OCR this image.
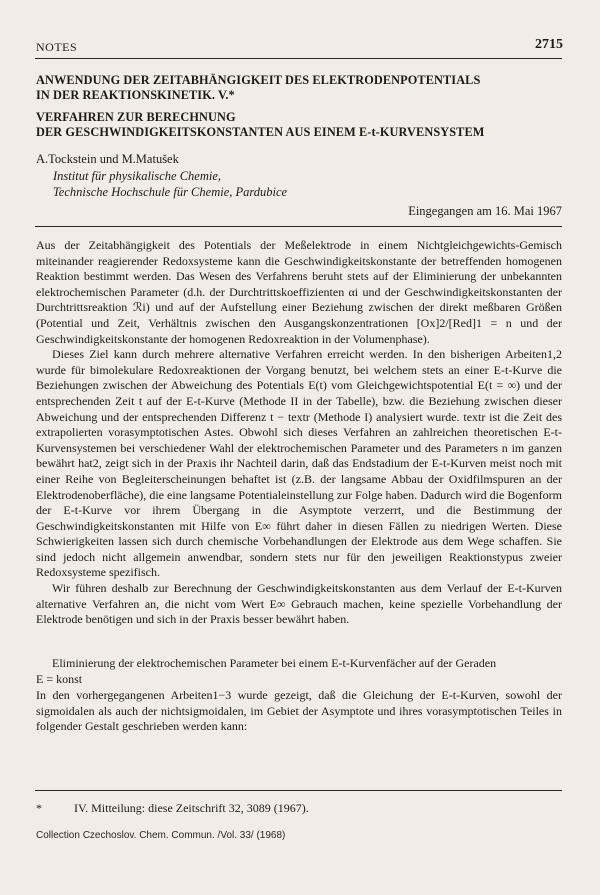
NOTES	2715
ANWENDUNG DER ZEITABHÄNGIGKEIT DES ELEKTRODENPOTENTIALS
IN DER REAKTIONSKINETIK. V.*
VERFAHREN ZUR BERECHNUNG
DER GESCHWINDIGKEITSKONSTANTEN AUS EINEM E-t-KURVENSYSTEM
A.Tockstein und M.Matušek
Institut für physikalische Chemie,
Technische Hochschule für Chemie, Pardubice
Eingegangen am 16. Mai 1967

Aus der Zeitabhängigkeit des Potentials der Meßelektrode in einem Nichtgleichgewichts-Gemisch miteinander reagierender Redoxsysteme kann die Geschwindigkeitskonstante der betreffenden homogenen Reaktion bestimmt werden. Das Wesen des Verfahrens beruht stets auf der Eliminierung der unbekannten elektrochemischen Parameter (d.h. der Durchtrittskoeffizienten αi und der Geschwindigkeitskonstanten der Durchtrittsreaktion ℛi) und auf der Aufstellung einer Beziehung zwischen der direkt meßbaren Größen (Potential und Zeit, Verhältnis zwischen den Ausgangskonzentrationen [Ox]2/[Red]1 = n und der Geschwindigkeitskonstante der homogenen Redoxreaktion in der Volumenphase).

Dieses Ziel kann durch mehrere alternative Verfahren erreicht werden. In den bisherigen Arbeiten1,2 wurde für bimolekulare Redoxreaktionen der Vorgang benutzt, bei welchem stets an einer E-t-Kurve die Beziehungen zwischen der Abweichung des Potentials E(t) vom Gleichgewichtspotential E(t = ∞) und der entsprechenden Zeit t auf der E-t-Kurve (Methode II in der Tabelle), bzw. die Beziehung zwischen dieser Abweichung und der entsprechenden Differenz t − textr (Methode I) analysiert wurde. textr ist die Zeit des extrapolierten vorasymptotischen Astes. Obwohl sich dieses Verfahren an zahlreichen theoretischen E-t-Kurvensystemen bei verschiedener Wahl der elektrochemischen Parameter und des Parameters n im ganzen bewährt hat2, zeigt sich in der Praxis ihr Nachteil darin, daß das Endstadium der E-t-Kurven meist noch mit einer Reihe von Begleiterscheinungen behaftet ist (z.B. der langsame Abbau der Oxidfilmspuren an der Elektrodenoberfläche), die eine langsame Potentialeinstellung zur Folge haben. Dadurch wird die Bogenform der E-t-Kurve vor ihrem Übergang in die Asymptote verzerrt, und die Bestimmung der Geschwindigkeitskonstanten mit Hilfe von E∞ führt daher in diesen Fällen zu niedrigen Werten. Diese Schwierigkeiten lassen sich durch chemische Vorbehandlungen der Elektrode aus dem Wege schaffen. Sie sind jedoch nicht allgemein anwendbar, sondern stets nur für den jeweiligen Reaktionstypus zweier Redoxsysteme spezifisch.

Wir führen deshalb zur Berechnung der Geschwindigkeitskonstanten aus dem Verlauf der E-t-Kurven alternative Verfahren an, die nicht vom Wert E∞ Gebrauch machen, keine spezielle Vorbehandlung der Elektrode benötigen und sich in der Praxis besser bewährt haben.

Eliminierung der elektrochemischen Parameter bei einem E-t-Kurvenfächer auf der Geraden
E = konst

In den vorhergegangenen Arbeiten1−3 wurde gezeigt, daß die Gleichung der E-t-Kurven, sowohl der sigmoidalen als auch der nichtsigmoidalen, im Gebiet der Asymptote und ihres vorasymptotischen Teiles in folgender Gestalt geschrieben werden kann:

*	IV. Mitteilung: diese Zeitschrift 32, 3089 (1967).
Collection Czechoslov. Chem. Commun. /Vol. 33/ (1968)
